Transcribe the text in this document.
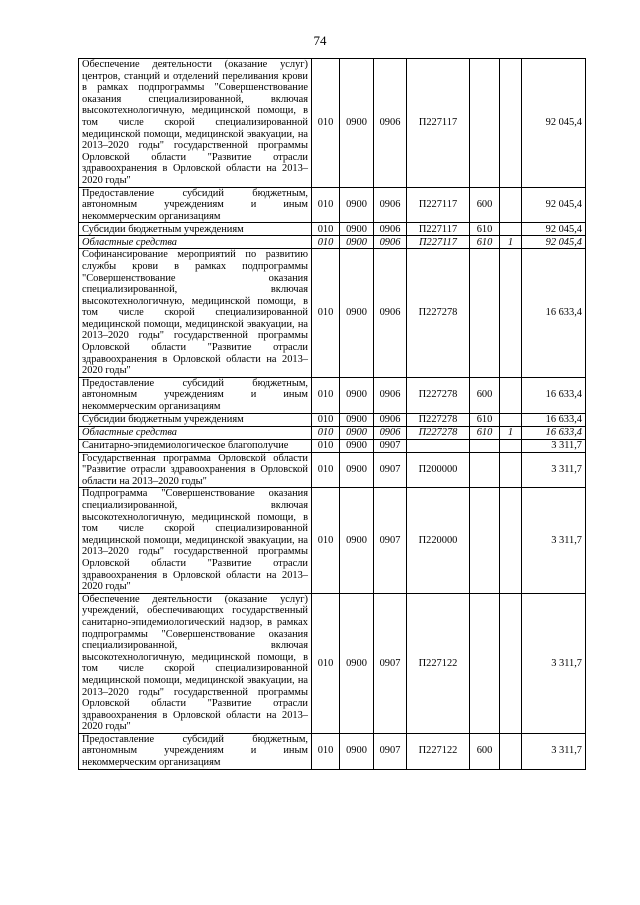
74
Обеспечение деятельности (оказание услуг) центров, станций и отделений переливания крови в рамках подпрограммы "Совершенствование оказания специализированной, включая высокотехнологичную, медицинской помощи, в том числе скорой специализированной медицинской помощи, медицинской эвакуации, на 2013–2020 годы" государственной программы Орловской области "Развитие отрасли здравоохранения в Орловской области на 2013–2020 годы"	010	0900	0906	П227117			92 045,4
Предоставление субсидий бюджетным, автономным учреждениям и иным некоммерческим организациям	010	0900	0906	П227117	600		92 045,4
Субсидии бюджетным учреждениям	010	0900	0906	П227117	610		92 045,4
Областные средства	010	0900	0906	П227117	610	1	92 045,4
Софинансирование мероприятий по развитию службы крови в рамках подпрограммы "Совершенствование оказания специализированной, включая высокотехнологичную, медицинской помощи, в том числе скорой специализированной медицинской помощи, медицинской эвакуации, на 2013–2020 годы" государственной программы Орловской области "Развитие отрасли здравоохранения в Орловской области на 2013–2020 годы"	010	0900	0906	П227278			16 633,4
Предоставление субсидий бюджетным, автономным учреждениям и иным некоммерческим организациям	010	0900	0906	П227278	600		16 633,4
Субсидии бюджетным учреждениям	010	0900	0906	П227278	610		16 633,4
Областные средства	010	0900	0906	П227278	610	1	16 633,4
Санитарно-эпидемиологическое благополучие	010	0900	0907				3 311,7
Государственная программа Орловской области "Развитие отрасли здравоохранения в Орловской области на 2013–2020 годы"	010	0900	0907	П200000			3 311,7
Подпрограмма "Совершенствование оказания специализированной, включая высокотехнологичную, медицинской помощи, в том числе скорой специализированной медицинской помощи, медицинской эвакуации, на 2013–2020 годы" государственной программы Орловской области "Развитие отрасли здравоохранения в Орловской области на 2013–2020 годы"	010	0900	0907	П220000			3 311,7
Обеспечение деятельности (оказание услуг) учреждений, обеспечивающих государственный санитарно-эпидемиологический надзор, в рамках подпрограммы "Совершенствование оказания специализированной, включая высокотехнологичную, медицинской помощи, в том числе скорой специализированной медицинской помощи, медицинской эвакуации, на 2013–2020 годы" государственной программы Орловской области "Развитие отрасли здравоохранения в Орловской области на 2013–2020 годы"	010	0900	0907	П227122			3 311,7
Предоставление субсидий бюджетным, автономным учреждениям и иным некоммерческим организациям	010	0900	0907	П227122	600		3 311,7
